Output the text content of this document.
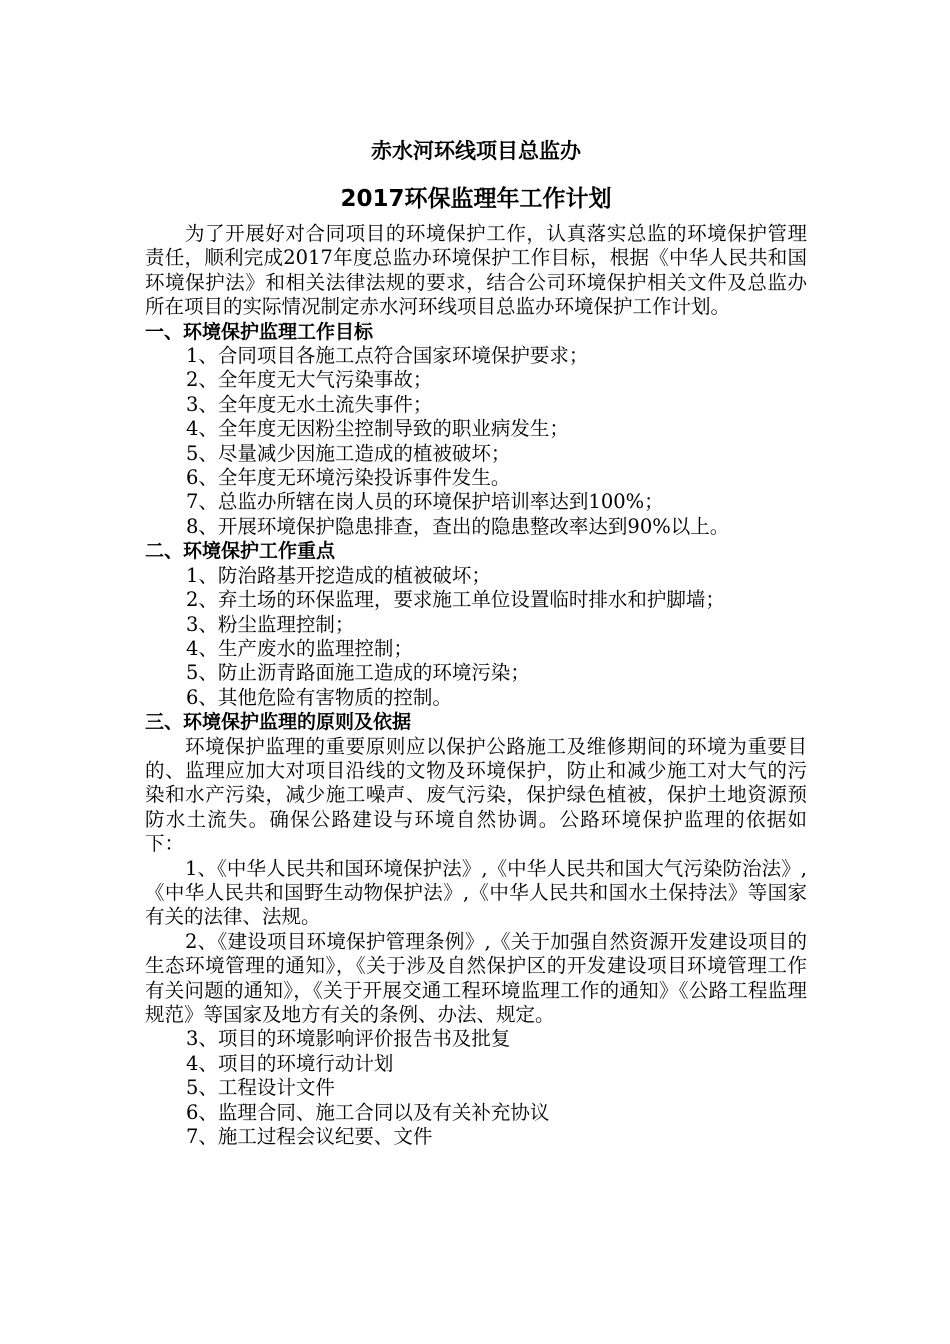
赤水河环线项目总监办

2017环保监理年工作计划

为了开展好对合同项目的环境保护工作，认真落实总监的环境保护管理责任，顺利完成2017年度总监办环境保护工作目标，根据《中华人民共和国环境保护法》和相关法律法规的要求，结合公司环境保护相关文件及总监办所在项目的实际情况制定赤水河环线项目总监办环境保护工作计划。

一、环境保护监理工作目标

1、合同项目各施工点符合国家环境保护要求；

2、全年度无大气污染事故；

3、全年度无水土流失事件；

4、全年度无因粉尘控制导致的职业病发生；

5、尽量减少因施工造成的植被破坏；

6、全年度无环境污染投诉事件发生。

7、总监办所辖在岗人员的环境保护培训率达到100%；

8、开展环境保护隐患排查，查出的隐患整改率达到90%以上。

二、环境保护工作重点

1、防治路基开挖造成的植被破坏；

2、弃土场的环保监理，要求施工单位设置临时排水和护脚墙；

3、粉尘监理控制；

4、生产废水的监理控制；

5、防止沥青路面施工造成的环境污染；

6、其他危险有害物质的控制。

三、环境保护监理的原则及依据

环境保护监理的重要原则应以保护公路施工及维修期间的环境为重要目的、监理应加大对项目沿线的文物及环境保护，防止和减少施工对大气的污染和水产污染，减少施工噪声、废气污染，保护绿色植被，保护土地资源预防水土流失。确保公路建设与环境自然协调。公路环境保护监理的依据如下：

1、《中华人民共和国环境保护法》,《中华人民共和国大气污染防治法》,《中华人民共和国野生动物保护法》,《中华人民共和国水土保持法》等国家有关的法律、法规。

2、《建设项目环境保护管理条例》,《关于加强自然资源开发建设项目的生态环境管理的通知》，《关于涉及自然保护区的开发建设项目环境管理工作有关问题的通知》，《关于开展交通工程环境监理工作的通知》《公路工程监理规范》等国家及地方有关的条例、办法、规定。

3、项目的环境影响评价报告书及批复

4、项目的环境行动计划

5、工程设计文件

6、监理合同、施工合同以及有关补充协议

7、施工过程会议纪要、文件
